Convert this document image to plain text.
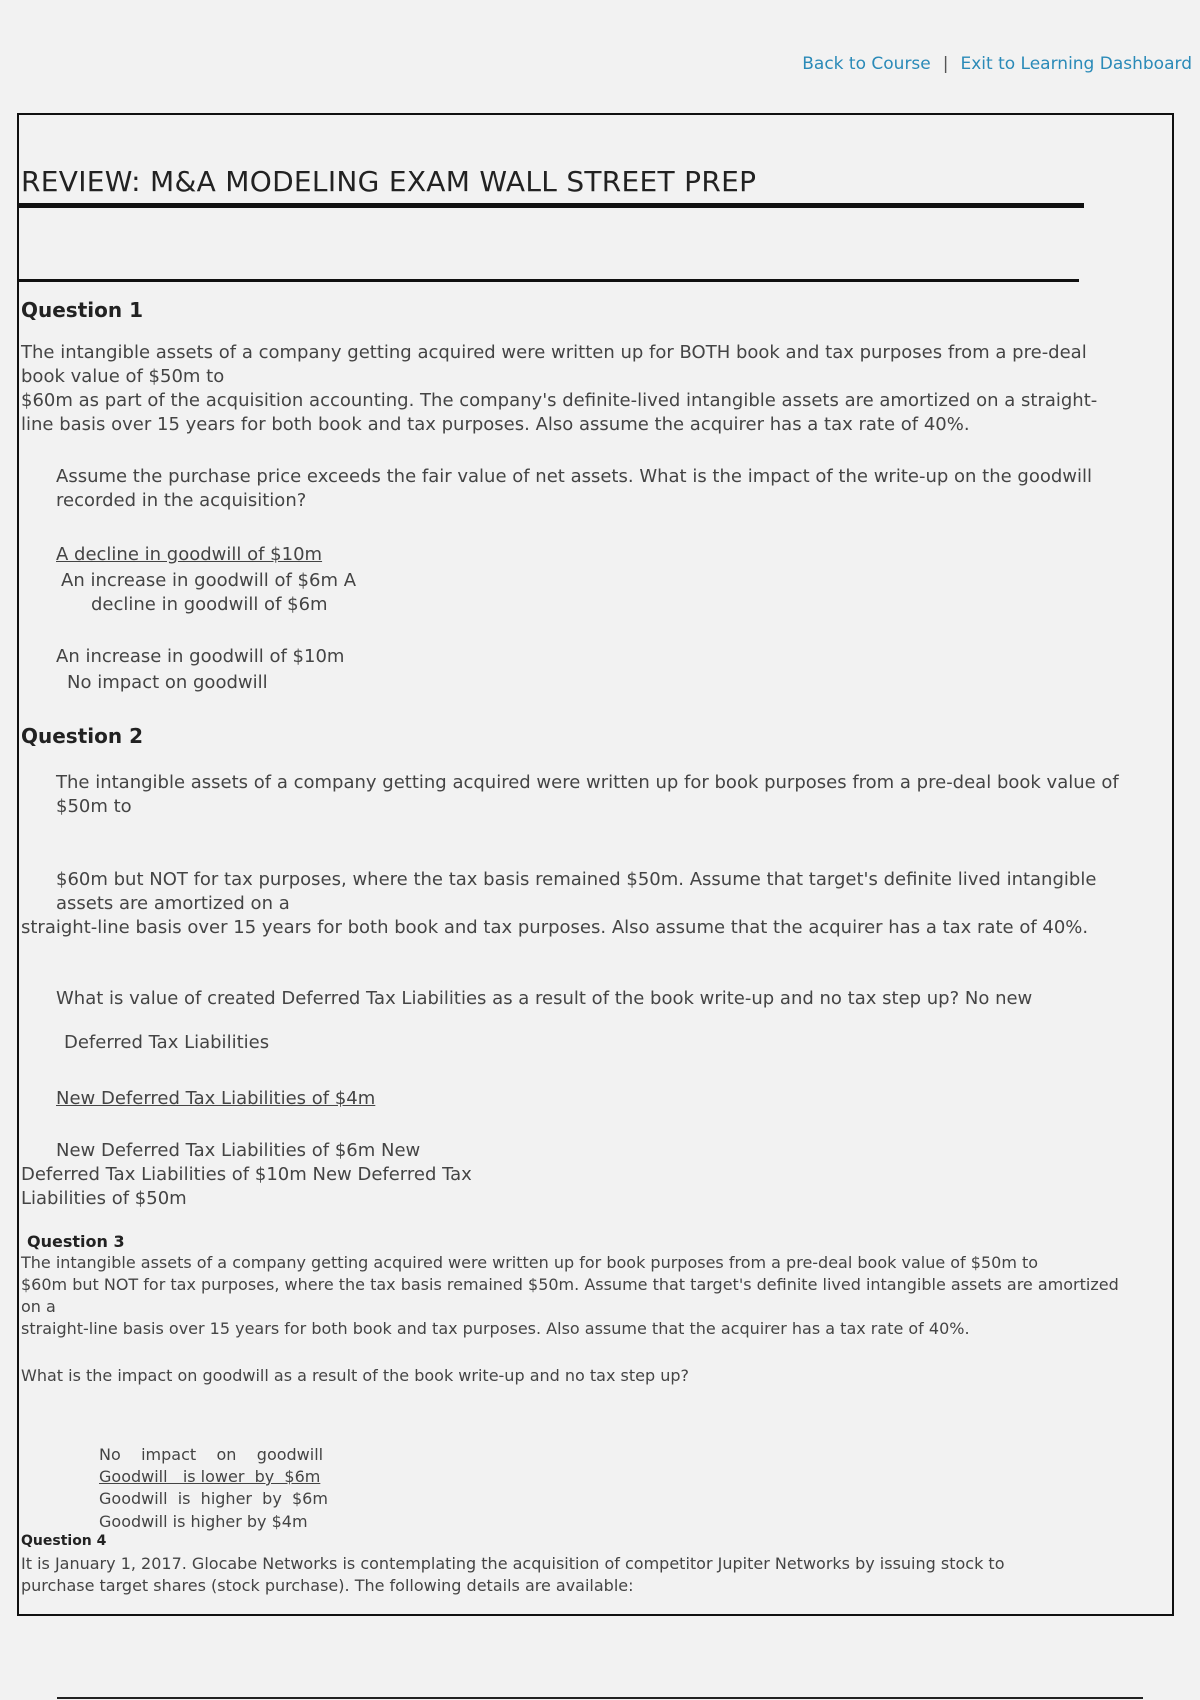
Back to Course | Exit to Learning Dashboard
REVIEW: M&A MODELING EXAM WALL STREET PREP
Question 1
The intangible assets of a company getting acquired were written up for BOTH book and tax purposes from a pre-deal
book value of $50m to
$60m as part of the acquisition accounting. The company's definite-lived intangible assets are amortized on a straight-
line basis over 15 years for both book and tax purposes. Also assume the acquirer has a tax rate of 40%.
Assume the purchase price exceeds the fair value of net assets. What is the impact of the write-up on the goodwill
recorded in the acquisition?
A decline in goodwill of $10m
An increase in goodwill of $6m A
decline in goodwill of $6m
An increase in goodwill of $10m
No impact on goodwill
Question 2
The intangible assets of a company getting acquired were written up for book purposes from a pre-deal book value of
$50m to
$60m but NOT for tax purposes, where the tax basis remained $50m. Assume that target's definite lived intangible
assets are amortized on a
straight-line basis over 15 years for both book and tax purposes. Also assume that the acquirer has a tax rate of 40%.
What is value of created Deferred Tax Liabilities as a result of the book write-up and no tax step up? No new
Deferred Tax Liabilities
New Deferred Tax Liabilities of $4m
New Deferred Tax Liabilities of $6m New
Deferred Tax Liabilities of $10m New Deferred Tax
Liabilities of $50m
Question 3
The intangible assets of a company getting acquired were written up for book purposes from a pre-deal book value of $50m to
$60m but NOT for tax purposes, where the tax basis remained $50m. Assume that target's definite lived intangible assets are amortized
on a
straight-line basis over 15 years for both book and tax purposes. Also assume that the acquirer has a tax rate of 40%.
What is the impact on goodwill as a result of the book write-up and no tax step up?
No    impact    on    goodwill
Goodwill   is lower  by  $6m
Goodwill  is  higher  by  $6m
Goodwill is higher by $4m
Question 4
It is January 1, 2017. Glocabe Networks is contemplating the acquisition of competitor Jupiter Networks by issuing stock to
purchase target shares (stock purchase). The following details are available:
